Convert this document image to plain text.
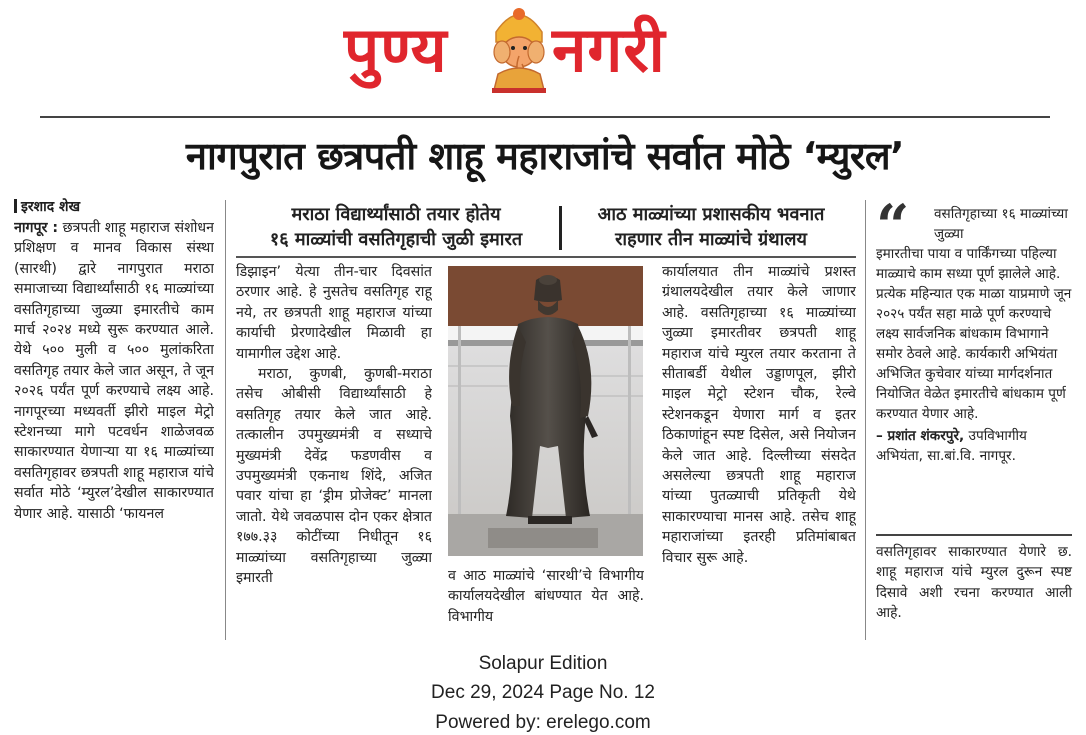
पुण्य नगरी
नागपुरात छत्रपती शाहू महाराजांचे सर्वात मोठे ‘म्युरल’
इरशाद शेख
नागपूर : छत्रपती शाहू महाराज संशोधन प्रशिक्षण व मानव विकास संस्था (सारथी) द्वारे नागपुरात मराठा समाजाच्या विद्यार्थ्यांसाठी १६ माळ्यांच्या वसतिगृहाच्या जुळ्या इमारतीचे काम मार्च २०२४ मध्ये सुरू करण्यात आले. येथे ५०० मुली व ५०० मुलांकरिता वसतिगृह तयार केले जात असून, ते जून २०२६ पर्यंत पूर्ण करण्याचे लक्ष्य आहे. नागपूरच्या मध्यवर्ती झीरो माइल मेट्रो स्टेशनच्या मागे पटवर्धन शाळेजवळ साकारण्यात येणाऱ्या या १६ माळ्यांच्या वसतिगृहावर छत्रपती शाहू महाराज यांचे सर्वात मोठे ‘म्युरल’देखील साकारण्यात येणार आहे. यासाठी ‘फायनल
मराठा विद्यार्थ्यांसाठी तयार होतेय
१६ माळ्यांची वसतिगृहाची जुळी इमारत
आठ माळ्यांच्या प्रशासकीय भवनात
राहणार तीन माळ्यांचे ग्रंथालय
डिझाइन’ येत्या तीन-चार दिवसांत ठरणार आहे. हे नुसतेच वसतिगृह राहू नये, तर छत्रपती शाहू महाराज यांच्या कार्याची प्रेरणादेखील मिळावी हा यामागील उद्देश आहे.
मराठा, कुणबी, कुणबी-मराठा तसेच ओबीसी विद्यार्थ्यांसाठी हे वसतिगृह तयार केले जात आहे. तत्कालीन उपमुख्यमंत्री व सध्याचे मुख्यमंत्री देवेंद्र फडणवीस व उपमुख्यमंत्री एकनाथ शिंदे, अजित पवार यांचा हा ‘ड्रीम प्रोजेक्ट’ मानला जातो. येथे जवळपास दोन एकर क्षेत्रात १७७.३३ कोटींच्या निधीतून १६ माळ्यांच्या वसतिगृहाच्या जुळ्या इमारती	व आठ माळ्यांचे ‘सारथी’चे विभागीय कार्यालयदेखील बांधण्यात येत आहे. विभागीय
कार्यालयात तीन माळ्यांचे प्रशस्त ग्रंथालयदेखील तयार केले जाणार आहे. वसतिगृहाच्या १६ माळ्यांच्या जुळ्या इमारतीवर छत्रपती शाहू महाराज यांचे म्युरल तयार करताना ते सीताबर्डी येथील उड्डाणपूल, झीरो माइल मेट्रो स्टेशन चौक, रेल्वे स्टेशनकडून येणारा मार्ग व इतर ठिकाणांहून स्पष्ट दिसेल, असे नियोजन केले जात आहे. दिल्लीच्या संसदेत असलेल्या छत्रपती शाहू महाराज यांच्या पुतळ्याची प्रतिकृती येथे साकारण्याचा मानस आहे. तसेच शाहू महाराजांच्या इतरही प्रतिमांबाबत विचार सुरू आहे.
“	वसतिगृहाच्या १६ माळ्यांच्या जुळ्या
इमारतीचा पाया व पार्किंगच्या पहिल्या माळ्याचे काम सध्या पूर्ण झालेले आहे. प्रत्येक महिन्यात एक माळा याप्रमाणे जून २०२५ पर्यंत सहा माळे पूर्ण करण्याचे लक्ष्य सार्वजनिक बांधकाम विभागाने समोर ठेवले आहे. कार्यकारी अभियंता अभिजित कुचेवार यांच्या मार्गदर्शनात नियोजित वेळेत इमारतीचे बांधकाम पूर्ण करण्यात येणार आहे.
– प्रशांत शंकरपुरे, उपविभागीय अभियंता, सा.बां.वि. नागपूर.
वसतिगृहावर साकारण्यात येणारे छ. शाहू महाराज यांचे म्युरल दुरून स्पष्ट दिसावे अशी रचना करण्यात आली आहे.
Solapur Edition
Dec 29, 2024 Page No. 12
Powered by: erelego.com
